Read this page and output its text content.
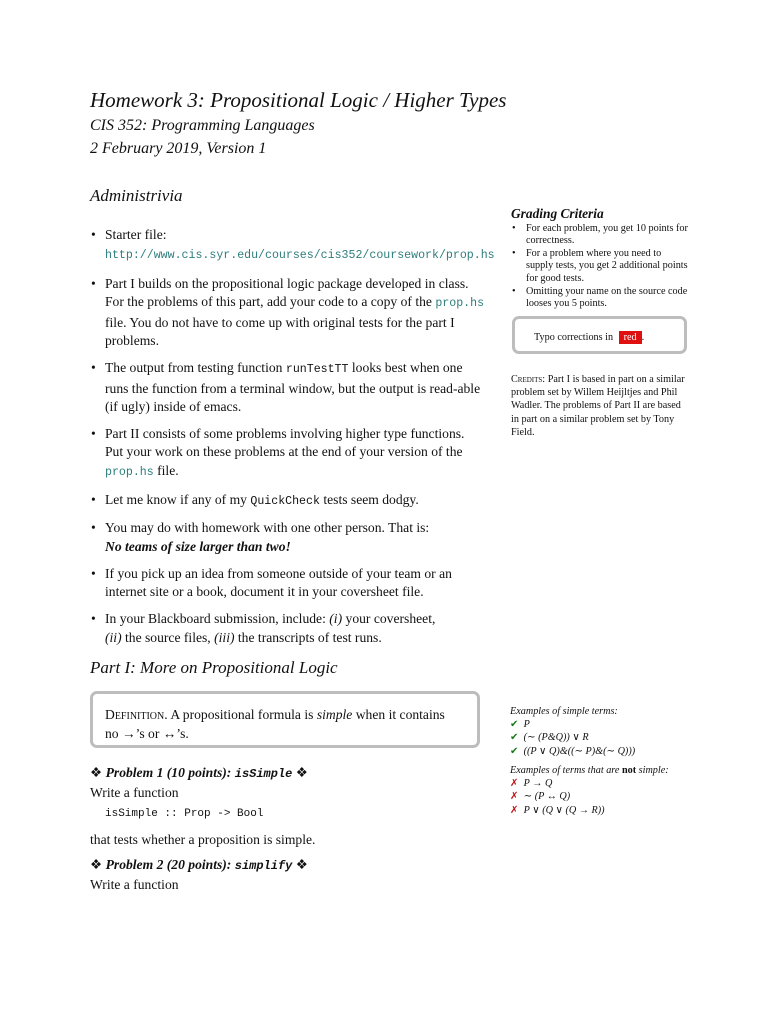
Homework 3: Propositional Logic / Higher Types
CIS 352: Programming Languages
2 February 2019, Version 1
Administrivia
• Starter file:
http://www.cis.syr.edu/courses/cis352/coursework/prop.hs
• Part I builds on the propositional logic package developed in class. For the problems of this part, add your code to a copy of the prop.hs file. You do not have to come up with original tests for the part I problems.
• The output from testing function runTestTT looks best when one runs the function from a terminal window, but the output is read-able (if ugly) inside of emacs.
• Part II consists of some problems involving higher type functions. Put your work on these problems at the end of your version of the prop.hs file.
• Let me know if any of my QuickCheck tests seem dodgy.
• You may do with homework with one other person. That is:
No teams of size larger than two!
• If you pick up an idea from someone outside of your team or an internet site or a book, document it in your coversheet file.
• In your Blackboard submission, include: (i) your coversheet,
(ii) the source files, (iii) the transcripts of test runs.
Grading Criteria
• For each problem, you get 10 points for correctness.
• For a problem where you need to supply tests, you get 2 additional points for good tests.
• Omitting your name on the source code looses you 5 points.
Typo corrections in red .
Credits: Part I is based in part on a similar problem set by Willem Heijltjes and Phil Wadler. The problems of Part II are based in part on a similar problem set by Tony Field.
Part I: More on Propositional Logic
Definition. A propositional formula is simple when it contains
no →’s or ↔’s.
❖ Problem 1 (10 points): isSimple ❖
Write a function
isSimple :: Prop -> Bool
that tests whether a proposition is simple.
❖ Problem 2 (20 points): simplify ❖
Write a function
Examples of simple terms:
✔ P
✔ (∼ (P&Q)) ∨ R
✔ ((P ∨ Q)&((∼ P)&(∼ Q)))
Examples of terms that are not simple:
✗ P → Q
✗ ∼ (P ↔ Q)
✗ P ∨ (Q ∨ (Q → R))
